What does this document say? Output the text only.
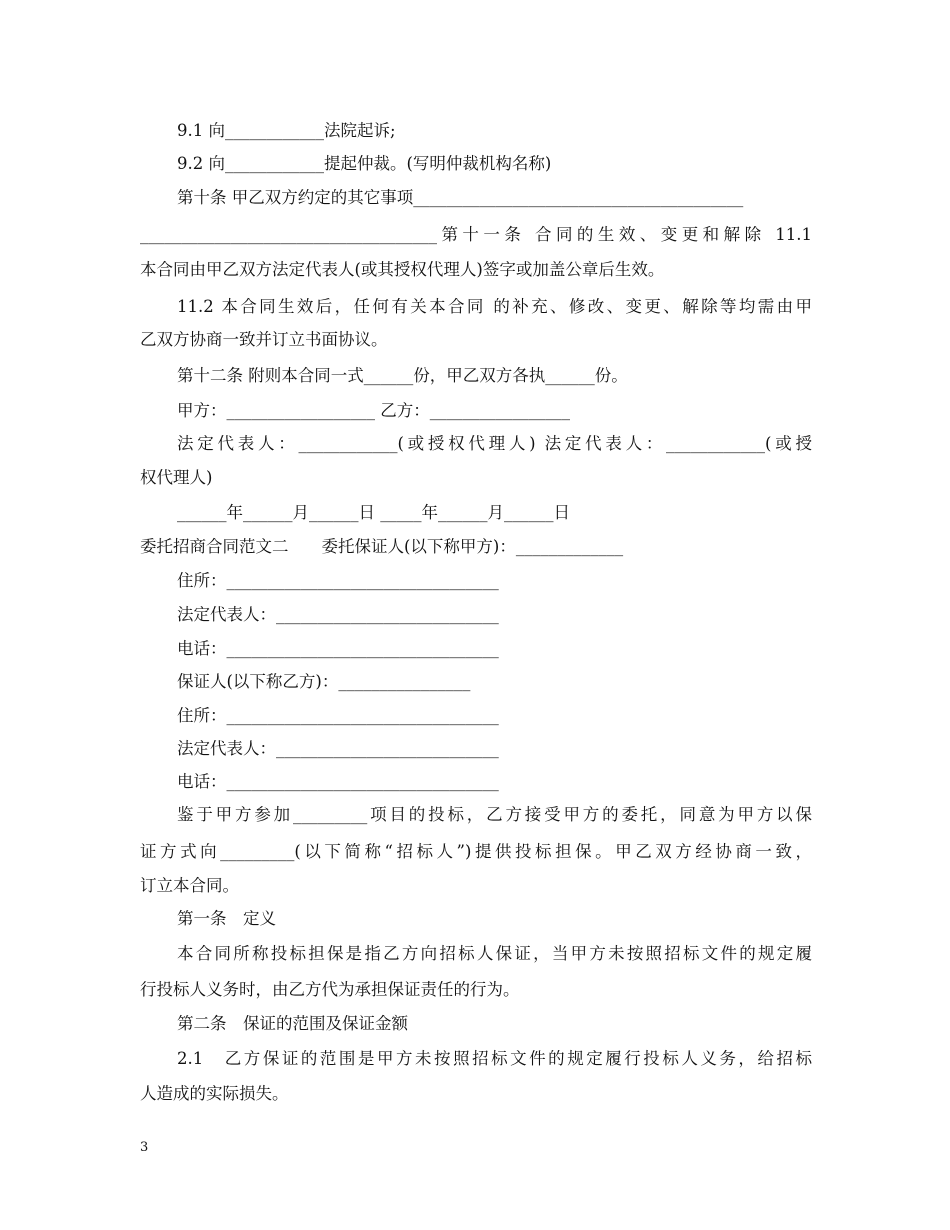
9.1 向____________法院起诉;
9.2 向____________提起仲裁。(写明仲裁机构名称)
第十条 甲乙双方约定的其它事项________________________________________
____________________________________第十一条 合同的生效、变更和解除 11.1
本合同由甲乙双方法定代表人(或其授权代理人)签字或加盖公章后生效。
11.2 本合同生效后，任何有关本合同 的补充、修改、变更、解除等均需由甲
乙双方协商一致并订立书面协议。
第十二条 附则本合同一式______份，甲乙双方各执______份。
甲方：__________________ 乙方：_________________
法定代表人：____________(或授权代理人) 法定代表人：____________(或授
权代理人)
______年______月______日 _____年______月______日
委托招商合同范文二　　委托保证人(以下称甲方)：_____________
住所：_________________________________
法定代表人：___________________________
电话：_________________________________
保证人(以下称乙方)：________________
住所：_________________________________
法定代表人：___________________________
电话：_________________________________
鉴于甲方参加_________项目的投标，乙方接受甲方的委托，同意为甲方以保
证方式向_________(以下简称“招标人”)提供投标担保。甲乙双方经协商一致，
订立本合同。
第一条　定义
本合同所称投标担保是指乙方向招标人保证，当甲方未按照招标文件的规定履
行投标人义务时，由乙方代为承担保证责任的行为。
第二条　保证的范围及保证金额
2.1　乙方保证的范围是甲方未按照招标文件的规定履行投标人义务，给招标
人造成的实际损失。
3
